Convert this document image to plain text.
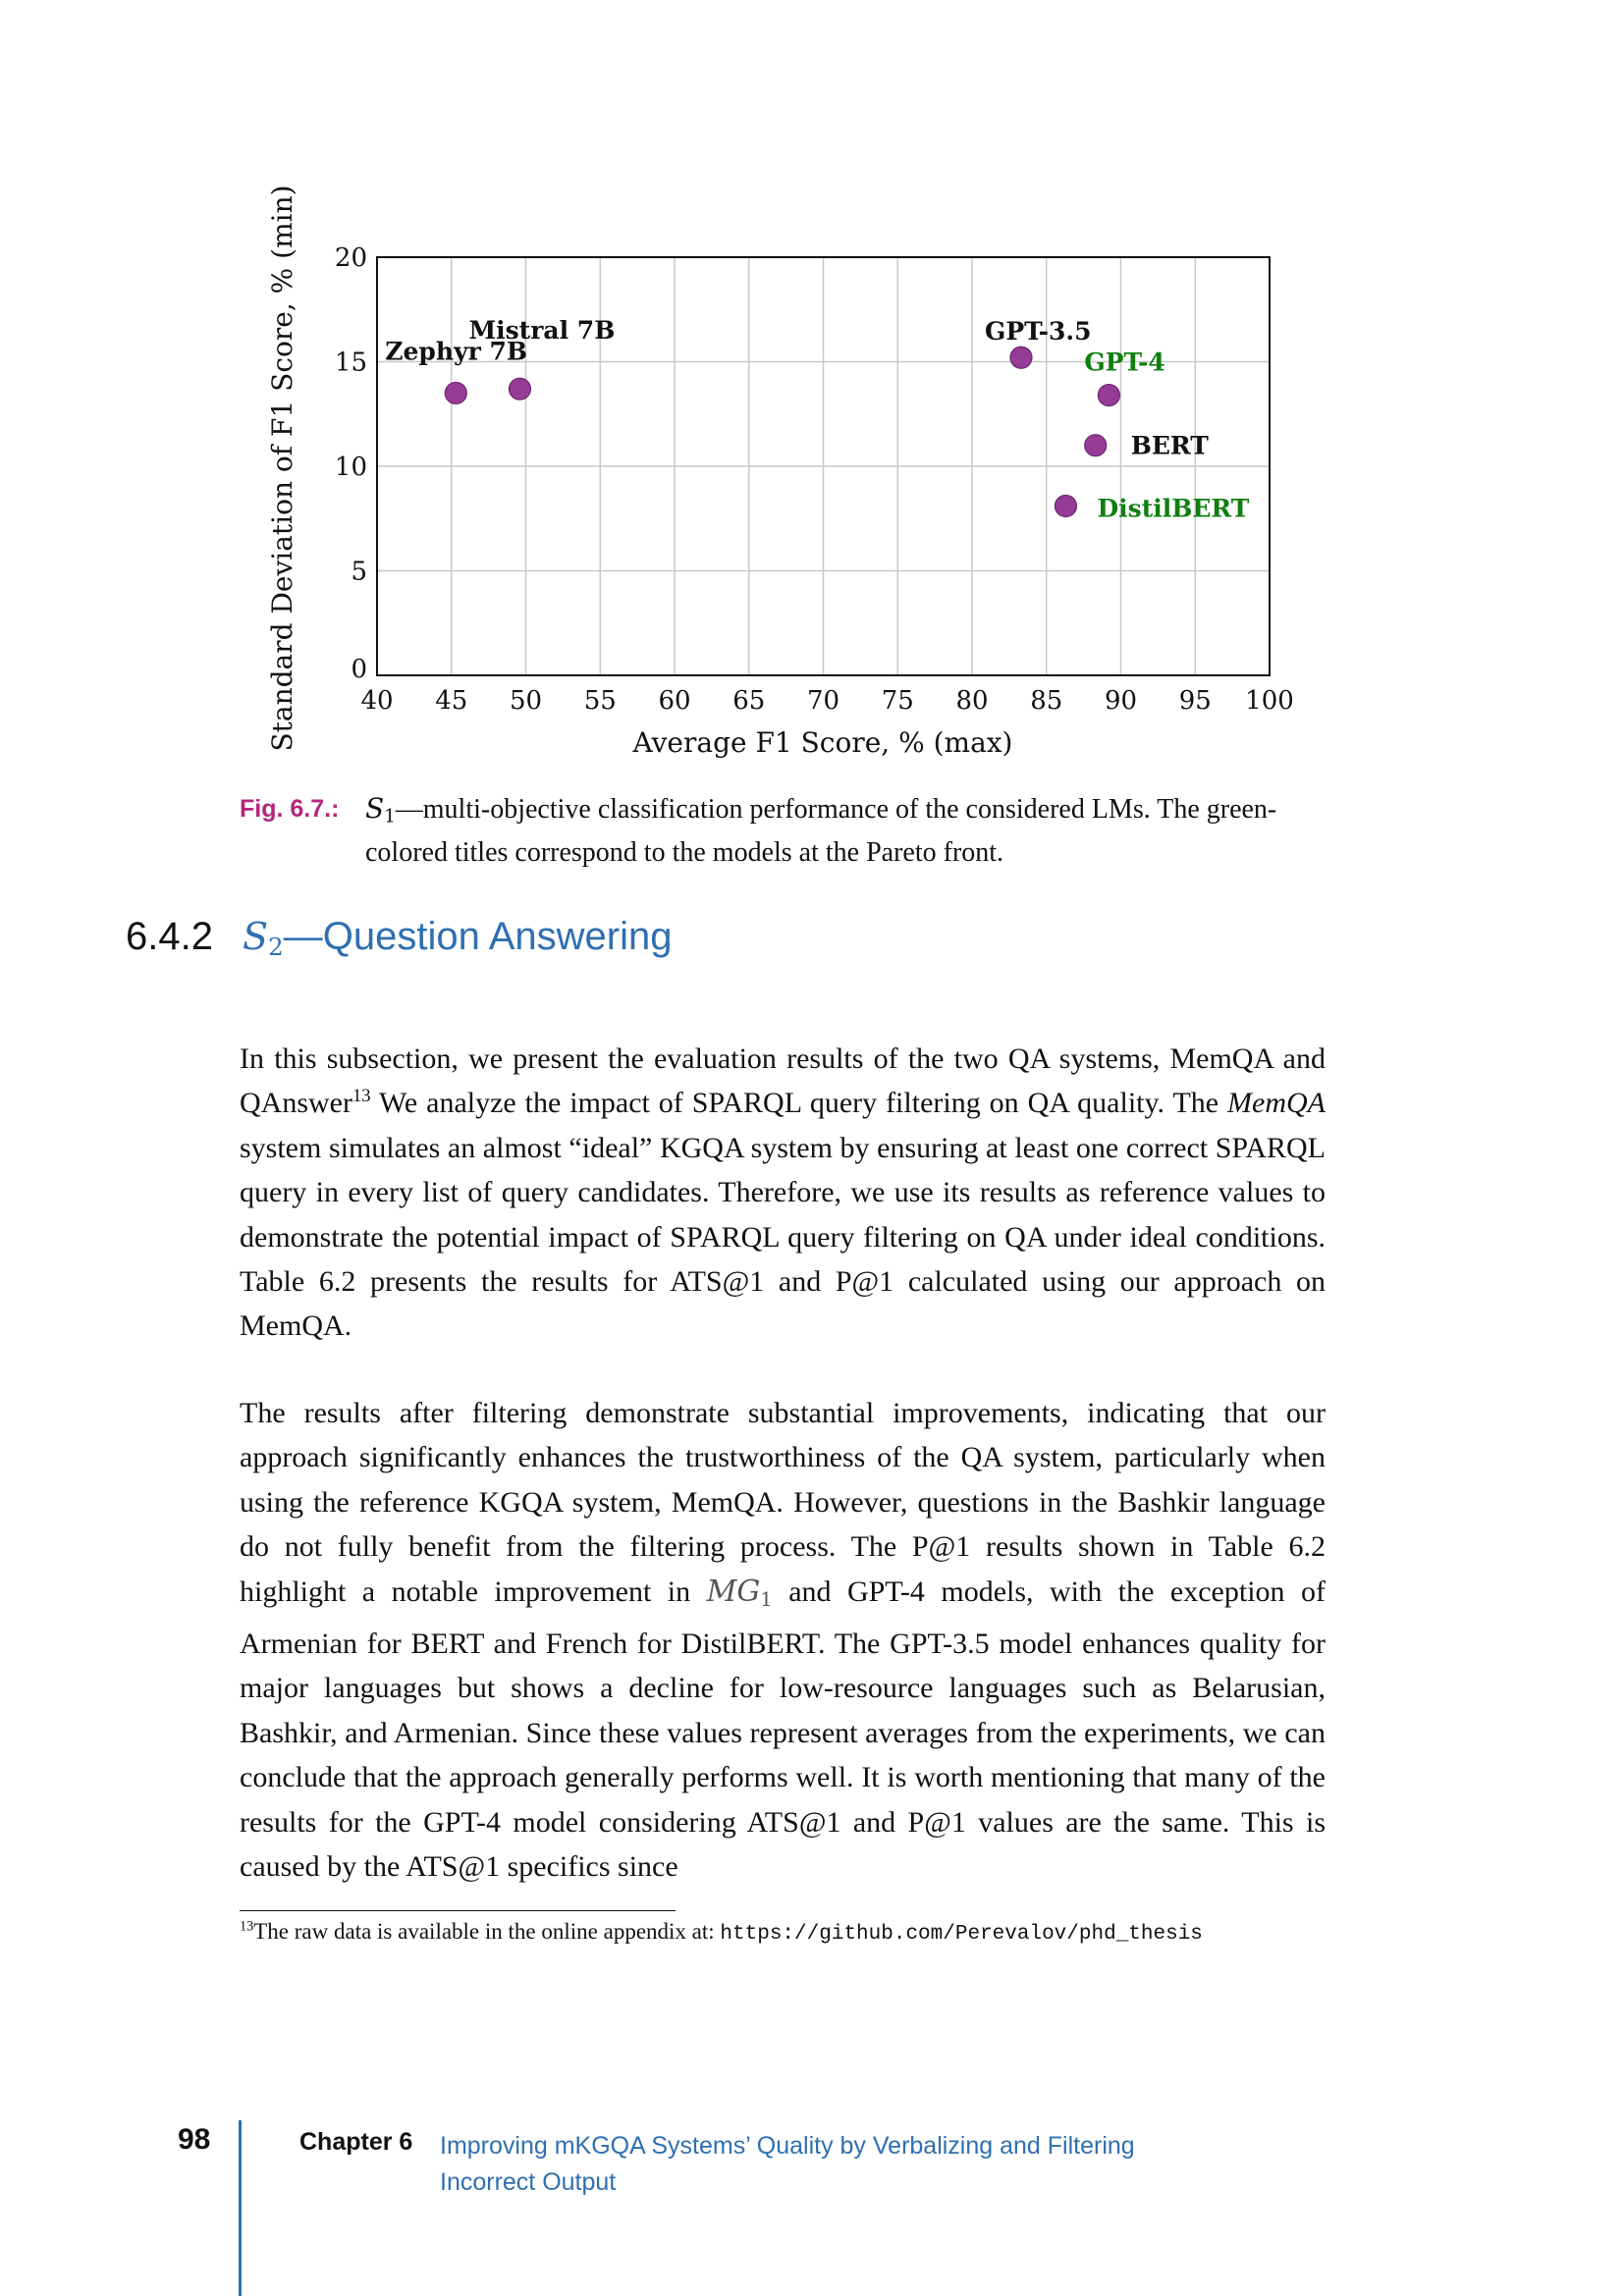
40 45 50 55 60 65 70 75 80 85 90 95 100
0
5
10
15
20
Zephyr 7B
Mistral 7B	GPT-3.5
GPT-4
BERT
DistilBERT
Average F1 Score, % (max)
Standard Deviation of F1 Score, % (min)
Fig. 6.7.: $S_1—multi$-objective classification performance of the considered LMs. The green-colored titles correspond to the models at the Pareto front.
6.4.2 $S_2—Question$ Answering

In this subsection, we present the evaluation results of the two QA systems, MemQA and QAnswer$^{13}$ We analyze the impact of SPARQL query filtering on QA quality. The MemQA system simulates an almost “ideal” KGQA system by ensuring at least one correct SPARQL query in every list of query candidates. Therefore, we use its results as reference values to demonstrate the potential impact of SPARQL query filtering on QA under ideal conditions. Table 6.2 presents the results for ATS@1 and P@1 calculated using our approach on MemQA.

The results after filtering demonstrate substantial improvements, indicating that our approach significantly enhances the trustworthiness of the QA system, particularly when using the reference KGQA system, MemQA. However, questions in the Bashkir language do not fully benefit from the filtering process. The P@1 results shown in Table 6.2 highlight a notable improvement in $MG_1$ and GPT-4 models, with the exception of Armenian for BERT and French for DistilBERT. The GPT-3.5 model enhances quality for major languages but shows a decline for low-resource languages such as Belarusian, Bashkir, and Armenian. Since these values represent averages from the experiments, we can conclude that the approach generally performs well. It is worth mentioning that many of the results for the GPT-4 model considering ATS@1 and P@1 values are the same. This is caused by the ATS@1 specifics since

$^{13}$The raw data is available in the online appendix at: https://github.com/Perevalov/phd_thesis
98	Chapter 6 Improving mKGQA Systems’ Quality by Verbalizing and Filtering Incorrect Output
